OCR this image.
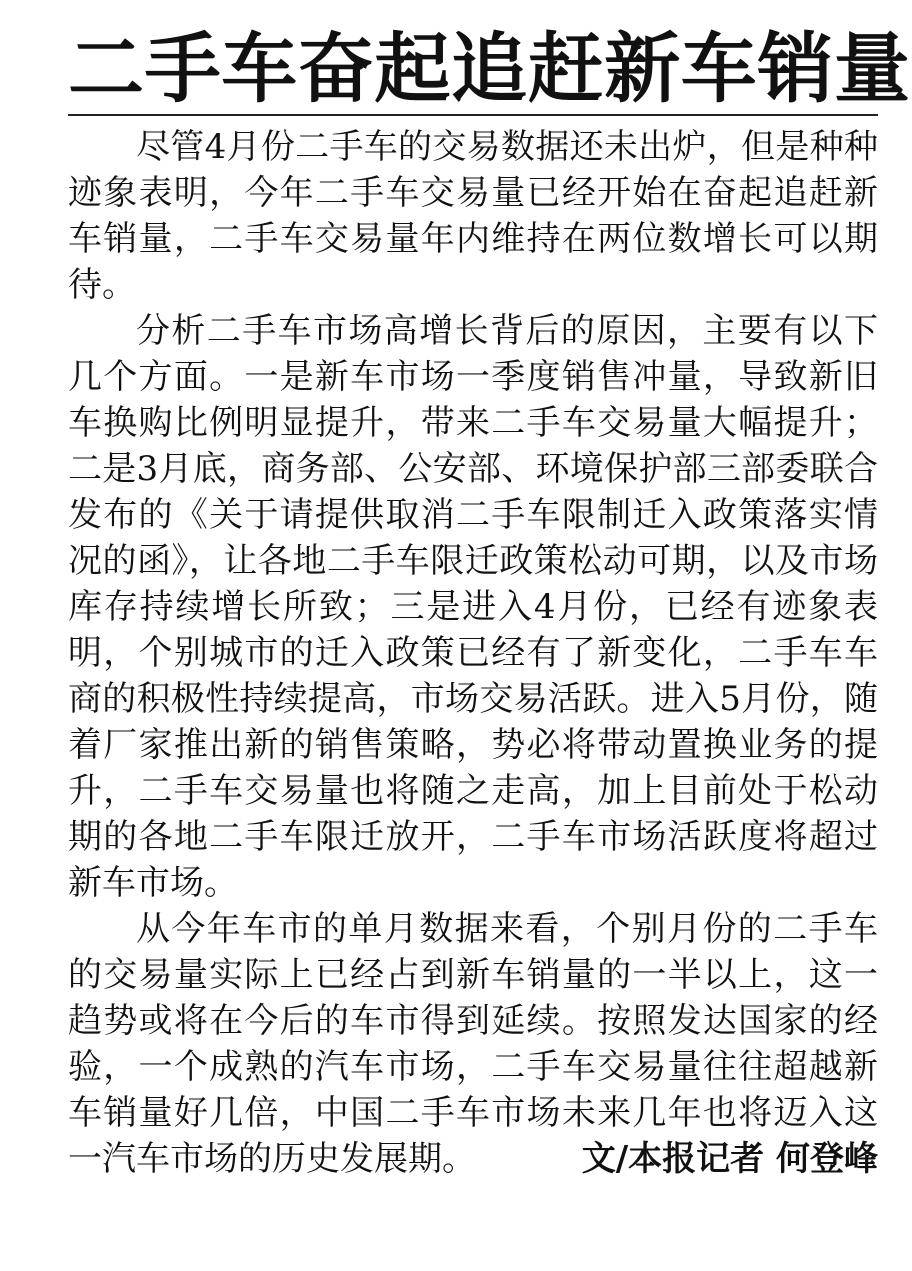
二手车奋起追赶新车销量

尽管4月份二手车的交易数据还未出炉，但是种种迹象表明，今年二手车交易量已经开始在奋起追赶新车销量，二手车交易量年内维持在两位数增长可以期待。

分析二手车市场高增长背后的原因，主要有以下几个方面。一是新车市场一季度销售冲量，导致新旧车换购比例明显提升，带来二手车交易量大幅提升；二是3月底，商务部、公安部、环境保护部三部委联合发布的《关于请提供取消二手车限制迁入政策落实情况的函》，让各地二手车限迁政策松动可期，以及市场库存持续增长所致；三是进入4月份，已经有迹象表明，个别城市的迁入政策已经有了新变化，二手车车商的积极性持续提高，市场交易活跃。进入5月份，随着厂家推出新的销售策略，势必将带动置换业务的提升，二手车交易量也将随之走高，加上目前处于松动期的各地二手车限迁放开，二手车市场活跃度将超过新车市场。

从今年车市的单月数据来看，个别月份的二手车的交易量实际上已经占到新车销量的一半以上，这一趋势或将在今后的车市得到延续。按照发达国家的经验，一个成熟的汽车市场，二手车交易量往往超越新车销量好几倍，中国二手车市场未来几年也将迈入这一汽车市场的历史发展期。	文/本报记者 何登峰
